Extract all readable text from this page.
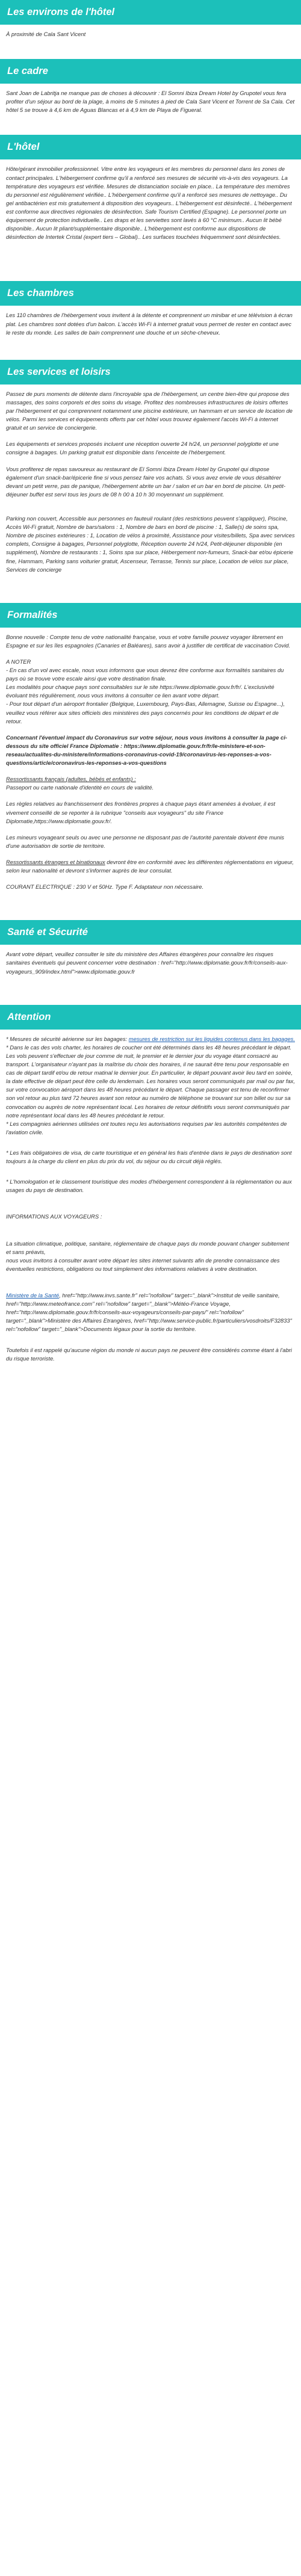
Les environs de l'hôtel

À proximité de Cala Sant Vicent

Le cadre

Sant Joan de Labritja ne manque pas de choses à découvrir : El Somni Ibiza Dream Hotel by Grupotel vous fera profiter d'un séjour au bord de la plage, à moins de 5 minutes à pied de Cala Sant Vicent et Torrent de Sa Cala. Cet hôtel 5 se trouve à 4,6 km de Aguas Blancas et à 4,9 km de Playa de Figueral.

L'hôtel

Hôte/gérant immobilier professionnel. Vitre entre les voyageurs et les membres du personnel dans les zones de contact principales. L'hébergement confirme qu'il a renforcé ses mesures de sécurité vis-à-vis des voyageurs. La température des voyageurs est vérifiée. Mesures de distanciation sociale en place.. La température des membres du personnel est régulièrement vérifiée.. L'hébergement confirme qu'il a renforcé ses mesures de nettoyage.. Du gel antibactérien est mis gratuitement à disposition des voyageurs.. L'hébergement est désinfecté.. L'hébergement est conforme aux directives régionales de désinfection. Safe Tourism Certified (Espagne). Le personnel porte un équipement de protection individuelle.. Les draps et les serviettes sont lavés à 60 °C minimum.. Aucun lit bébé disponible.. Aucun lit pliant/supplémentaire disponible.. L'hébergement est conforme aux dispositions de désinfection de Intertek Cristal (expert tiers – Global).. Les surfaces touchées fréquemment sont désinfectées.

Les chambres

Les 110 chambres de l'hébergement vous invitent à la détente et comprennent un minibar et une télévision à écran plat. Les chambres sont dotées d'un balcon. L'accès Wi-Fi à internet gratuit vous permet de rester en contact avec le reste du monde. Les salles de bain comprennent une douche et un sèche-cheveux.

Les services et loisirs

Passez de purs moments de détente dans l'incroyable spa de l'hébergement, un centre bien-être qui propose des massages, des soins corporels et des soins du visage. Profitez des nombreuses infrastructures de loisirs offertes par l'hébergement et qui comprennent notamment une piscine extérieure, un hammam et un service de location de vélos. Parmi les services et équipements offerts par cet hôtel vous trouvez également l'accès Wi-Fi à internet gratuit et un service de conciergerie.

Les équipements et services proposés incluent une réception ouverte 24 h/24, un personnel polyglotte et une consigne à bagages. Un parking gratuit est disponible dans l'enceinte de l'hébergement.

Vous profiterez de repas savoureux au restaurant de El Somni Ibiza Dream Hotel by Grupotel qui dispose également d'un snack-bar/épicerie fine si vous pensez faire vos achats. Si vous avez envie de vous désaltérer devant un petit verre, pas de panique, l'hébergement abrite un bar / salon et un bar en bord de piscine. Un petit-déjeuner buffet est servi tous les jours de 08 h 00 à 10 h 30 moyennant un supplément.

Parking non couvert, Accessible aux personnes en fauteuil roulant (des restrictions peuvent s'appliquer), Piscine, Accès Wi-Fi gratuit, Nombre de bars/salons : 1, Nombre de bars en bord de piscine : 1, Salle(s) de soins spa, Nombre de piscines extérieures : 1, Location de vélos à proximité, Assistance pour visites/billets, Spa avec services complets, Consigne à bagages, Personnel polyglotte, Réception ouverte 24 h/24, Petit-déjeuner disponible (en supplément), Nombre de restaurants : 1, Soins spa sur place, Hébergement non-fumeurs, Snack-bar et/ou épicerie fine, Hammam, Parking sans voiturier gratuit, Ascenseur, Terrasse, Tennis sur place, Location de vélos sur place, Services de concierge

Formalités

Bonne nouvelle : Compte tenu de votre nationalité française, vous et votre famille pouvez voyager librement en Espagne et sur les îles espagnoles (Canaries et Baléares), sans avoir à justifier de certificat de vaccination Covid.

A NOTER
- En cas d'un vol avec escale, nous vous informons que vous devrez être conforme aux formalités sanitaires du pays où se trouve votre escale ainsi que votre destination finale.
Les modalités pour chaque pays sont consultables sur le site https://www.diplomatie.gouv.fr/fr/. L'exclusivité évoluant très régulièrement, nous vous invitons à consulter ce lien avant votre départ.
- Pour tout départ d'un aéroport frontalier (Belgique, Luxembourg, Pays-Bas, Allemagne, Suisse ou Espagne...), veuillez vous référer aux sites officiels des ministères des pays concernés pour les conditions de départ et de retour.

Concernant l'éventuel impact du Coronavirus sur votre séjour, nous vous invitons à consulter la page ci-dessous du site officiel France Diplomatie : https://www.diplomatie.gouv.fr/fr/le-ministere-et-son-reseau/actualites-du-ministere/informations-coronavirus-covid-19/coronavirus-les-reponses-a-vos-questions/article/coronavirus-les-reponses-a-vos-questions

Ressortissants français (adultes, bébés et enfants) :
Passeport ou carte nationale d'identité en cours de validité.

Les règles relatives au franchissement des frontières propres à chaque pays étant amenées à évoluer, il est vivement conseillé de se reporter à la rubrique "conseils aux voyageurs" du site France Diplomatie,https://www.diplomatie.gouv.fr/.

Les mineurs voyageant seuls ou avec une personne ne disposant pas de l'autorité parentale doivent être munis d'une autorisation de sortie de territoire.

Ressortissants étrangers et binationaux devront être en conformité avec les différentes réglementations en vigueur, selon leur nationalité et devront s'informer auprès de leur consulat.

COURANT ELECTRIQUE : 230 V et 50Hz. Type F. Adaptateur non nécessaire.

Santé et Sécurité

Avant votre départ, veuillez consulter le site du ministère des Affaires étrangères pour connaître les risques sanitaires éventuels qui peuvent concerner votre destination : href="http://www.diplomatie.gouv.fr/fr/conseils-aux-voyageurs_909/index.html">www.diplomatie.gouv.fr

Attention

* Mesures de sécurité aérienne sur les bagages: mesures de restriction sur les liquides contenus dans les bagages.
* Dans le cas des vols charter, les horaires de coucher ont été déterminés dans les 48 heures précédant le départ. Les vols peuvent s'effectuer de jour comme de nuit, le premier et le dernier jour du voyage étant consacré au transport. L'organisateur n'ayant pas la maîtrise du choix des horaires, il ne saurait être tenu pour responsable en cas de départ tardif et/ou de retour matinal le dernier jour. En particulier, le départ pouvant avoir lieu tard en soirée, la date effective de départ peut être celle du lendemain. Les horaires vous seront communiqués par mail ou par fax, sur votre convocation aéroport dans les 48 heures précédant le départ. Chaque passager est tenu de reconfirmer son vol retour au plus tard 72 heures avant son retour au numéro de téléphone se trouvant sur son billet ou sur sa convocation ou auprès de notre représentant local. Les horaires de retour définitifs vous seront communiqués par notre représentant local dans les 48 heures précédant le retour.
* Les compagnies aériennes utilisées ont toutes reçu les autorisations requises par les autorités compétentes de l'aviation civile.

* Les frais obligatoires de visa, de carte touristique et en général les frais d'entrée dans le pays de destination sont toujours à la charge du client en plus du prix du vol, du séjour ou du circuit déjà réglés.

* L'homologation et le classement touristique des modes d'hébergement correspondent à la réglementation ou aux usages du pays de destination.

INFORMATIONS AUX VOYAGEURS :

La situation climatique, politique, sanitaire, réglementaire de chaque pays du monde pouvant changer subitement et sans préavis,
nous vous invitons à consulter avant votre départ les sites internet suivants afin de prendre connaissance des éventuelles restrictions, obligations ou tout simplement des informations relatives à votre destination.

Ministère de la Santé, href="http://www.invs.sante.fr" rel="nofollow" target="_blank">Institut de veille sanitaire, href="http://www.meteofrance.com" rel="nofollow" target="_blank">Météo-France Voyage, href="http://www.diplomatie.gouv.fr/fr/conseils-aux-voyageurs/conseils-par-pays/" rel="nofollow" target="_blank">Ministère des Affaires Etrangères, href="http://www.service-public.fr/particuliers/vosdroits/F32833" rel="nofollow" target="_blank">Documents légaux pour la sortie du territoire.

Toutefois il est rappelé qu'aucune région du monde ni aucun pays ne peuvent être considérés comme étant à l'abri du risque terroriste.
